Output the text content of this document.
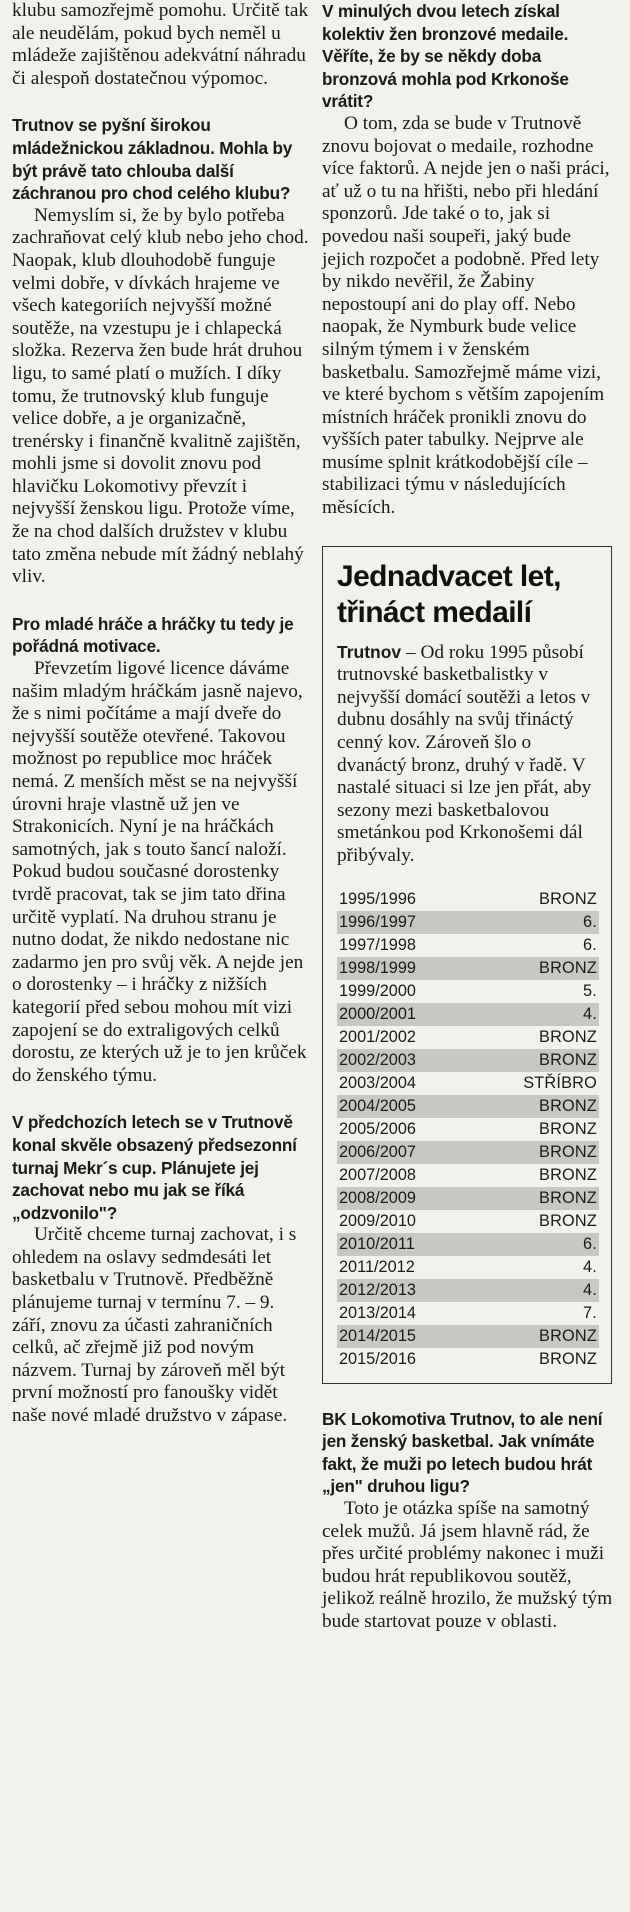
klubu samozřejmě pomohu. Určitě tak ale neudělám, pokud bych neměl u mládeže zajištěnou adekvátní náhradu či alespoň dostatečnou výpomoc.

Trutnov se pyšní širokou mládežnickou základnou. Mohla by být právě tato chlouba další záchranou pro chod celého klubu?

Nemyslím si, že by bylo potřeba zachraňovat celý klub nebo jeho chod. Naopak, klub dlouhodobě funguje velmi dobře, v dívkách hrajeme ve všech kategoriích nejvyšší možné soutěže, na vzestupu je i chlapecká složka. Rezerva žen bude hrát druhou ligu, to samé platí o mužích. I díky tomu, že trutnovský klub funguje velice dobře, a je organizačně, trenérsky i finančně kvalitně zajištěn, mohli jsme si dovolit znovu pod hlavičku Lokomotivy převzít i nejvyšší ženskou ligu. Protože víme, že na chod dalších družstev v klubu tato změna nebude mít žádný neblahý vliv.

Pro mladé hráče a hráčky tu tedy je pořádná motivace.

Převzetím ligové licence dáváme našim mladým hráčkám jasně najevo, že s nimi počítáme a mají dveře do nejvyšší soutěže otevřené. Takovou možnost po republice moc hráček nemá. Z menších měst se na nejvyšší úrovni hraje vlastně už jen ve Strakonicích. Nyní je na hráčkách samotných, jak s touto šancí naloží. Pokud budou současné dorostenky tvrdě pracovat, tak se jim tato dřina určitě vyplatí. Na druhou stranu je nutno dodat, že nikdo nedostane nic zadarmo jen pro svůj věk. A nejde jen o dorostenky – i hráčky z nižších kategorií před sebou mohou mít vizi zapojení se do extraligových celků dorostu, ze kterých už je to jen krůček do ženského týmu.

V předchozích letech se v Trutnově konal skvěle obsazený předsezonní turnaj Mekr´s cup. Plánujete jej zachovat nebo mu jak se říká „odzvonilo"?

Určitě chceme turnaj zachovat, i s ohledem na oslavy sedmdesáti let basketbalu v Trutnově. Předběžně plánujeme turnaj v termínu 7. – 9. září, znovu za účasti zahraničních celků, ač zřejmě již pod novým názvem. Turnaj by zároveň měl být první možností pro fanoušky vidět naše nové mladé družstvo v zápase.

V minulých dvou letech získal kolektiv žen bronzové medaile. Věříte, že by se někdy doba bronzová mohla pod Krkonoše vrátit?

O tom, zda se bude v Trutnově znovu bojovat o medaile, rozhodne více faktorů. A nejde jen o naši práci, ať už o tu na hřišti, nebo při hledání sponzorů. Jde také o to, jak si povedou naši soupeři, jaký bude jejich rozpočet a podobně. Před lety by nikdo nevěřil, že Žabiny nepostoupí ani do play off. Nebo naopak, že Nymburk bude velice silným týmem i v ženském basketbalu. Samozřejmě máme vizi, ve které bychom s větším zapojením místních hráček pronikli znovu do vyšších pater tabulky. Nejprve ale musíme splnit krátkodobější cíle – stabilizaci týmu v následujících měsících.

Jednadvacet let, třináct medailí

Trutnov – Od roku 1995 působí trutnovské basketbalistky v nejvyšší domácí soutěži a letos v dubnu dosáhly na svůj třináctý cenný kov. Zároveň šlo o dvanáctý bronz, druhý v řadě. V nastalé situaci si lze jen přát, aby sezony mezi basketbalovou smetánkou pod Krkonošemi dál přibývaly.

1995/1996	BRONZ
1996/1997	6.
1997/1998	6.
1998/1999	BRONZ
1999/2000	5.
2000/2001	4.
2001/2002	BRONZ
2002/2003	BRONZ
2003/2004	STŘÍBRO
2004/2005	BRONZ
2005/2006	BRONZ
2006/2007	BRONZ
2007/2008	BRONZ
2008/2009	BRONZ
2009/2010	BRONZ
2010/2011	6.
2011/2012	4.
2012/2013	4.
2013/2014	7.
2014/2015	BRONZ
2015/2016	BRONZ

BK Lokomotiva Trutnov, to ale není jen ženský basketbal. Jak vnímáte fakt, že muži po letech budou hrát „jen" druhou ligu?

Toto je otázka spíše na samotný celek mužů. Já jsem hlavně rád, že přes určité problémy nakonec i muži budou hrát republikovou soutěž, jelikož reálně hrozilo, že mužský tým bude startovat pouze v oblasti.
